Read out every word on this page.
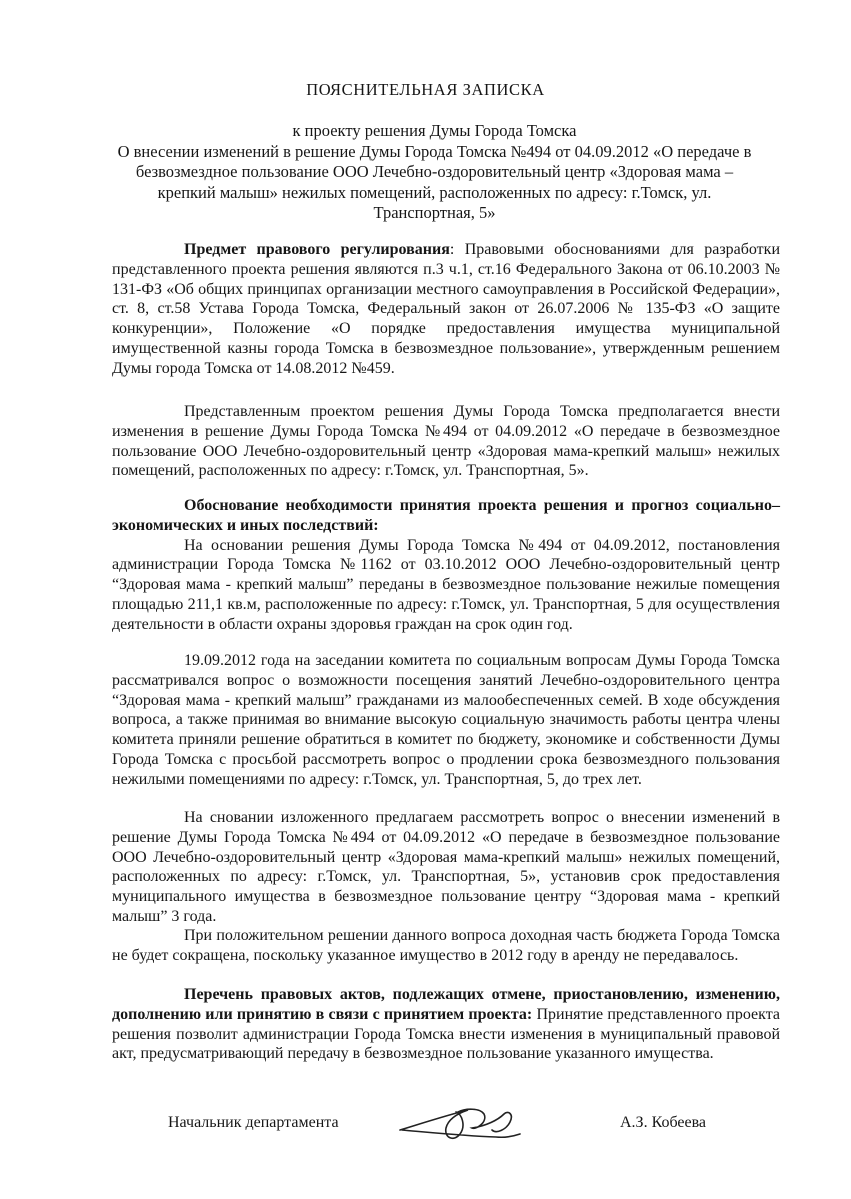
ПОЯСНИТЕЛЬНАЯ ЗАПИСКА

к проекту решения Думы Города Томска

О внесении изменений в решение Думы Города Томска №494 от 04.09.2012 «О передаче в безвозмездное пользование ООО Лечебно-оздоровительный центр «Здоровая мама –крепкий малыш» нежилых помещений, расположенных по адресу: г.Томск, ул. Транспортная, 5»

Предмет правового регулирования: Правовыми обоснованиями для разработки представленного проекта решения являются п.3 ч.1, ст.16 Федерального Закона от 06.10.2003 № 131-ФЗ «Об общих принципах организации местного самоуправления в Российской Федерации», ст. 8, ст.58 Устава Города Томска, Федеральный закон от 26.07.2006 № 135-ФЗ «О защите конкуренции», Положение «О порядке предоставления имущества муниципальной имущественной казны города Томска в безвозмездное пользование», утвержденным решением Думы города Томска от 14.08.2012 №459.

Представленным проектом решения Думы Города Томска предполагается внести изменения в решение Думы Города Томска №494 от 04.09.2012 «О передаче в безвозмездное пользование ООО Лечебно-оздоровительный центр «Здоровая мама-крепкий малыш» нежилых помещений, расположенных по адресу: г.Томск, ул. Транспортная, 5».

Обоснование необходимости принятия проекта решения и прогноз социально–экономических и иных последствий:

На основании решения Думы Города Томска №494 от 04.09.2012, постановления администрации Города Томска №1162 от 03.10.2012 ООО Лечебно-оздоровительный центр “Здоровая мама - крепкий малыш” переданы в безвозмездное пользование нежилые помещения площадью 211,1 кв.м, расположенные по адресу: г.Томск, ул. Транспортная, 5 для осуществления деятельности в области охраны здоровья граждан на срок один год.

19.09.2012 года на заседании комитета по социальным вопросам Думы Города Томска рассматривался вопрос о возможности посещения занятий Лечебно-оздоровительного центра “Здоровая мама - крепкий малыш” гражданами из малообеспеченных семей. В ходе обсуждения вопроса, а также принимая во внимание высокую социальную значимость работы центра члены комитета приняли решение обратиться в комитет по бюджету, экономике и собственности Думы Города Томска с просьбой рассмотреть вопрос о продлении срока безвозмездного пользования нежилыми помещениями по адресу: г.Томск, ул. Транспортная, 5, до трех лет.

На сновании изложенного предлагаем рассмотреть вопрос о внесении изменений в решение Думы Города Томска №494 от 04.09.2012 «О передаче в безвозмездное пользование ООО Лечебно-оздоровительный центр «Здоровая мама-крепкий малыш» нежилых помещений, расположенных по адресу: г.Томск, ул. Транспортная, 5», установив срок предоставления муниципального имущества в безвозмездное пользование центру “Здоровая мама - крепкий малыш” 3 года.

При положительном решении данного вопроса доходная часть бюджета Города Томска не будет сокращена, поскольку указанное имущество в 2012 году в аренду не передавалось.

Перечень правовых актов, подлежащих отмене, приостановлению, изменению, дополнению или принятию в связи с принятием проекта: Принятие представленного проекта решения позволит администрации Города Томска внести изменения в муниципальный правовой акт, предусматривающий передачу в безвозмездное пользование указанного имущества.

Начальник департамента	А.З. Кобеева
